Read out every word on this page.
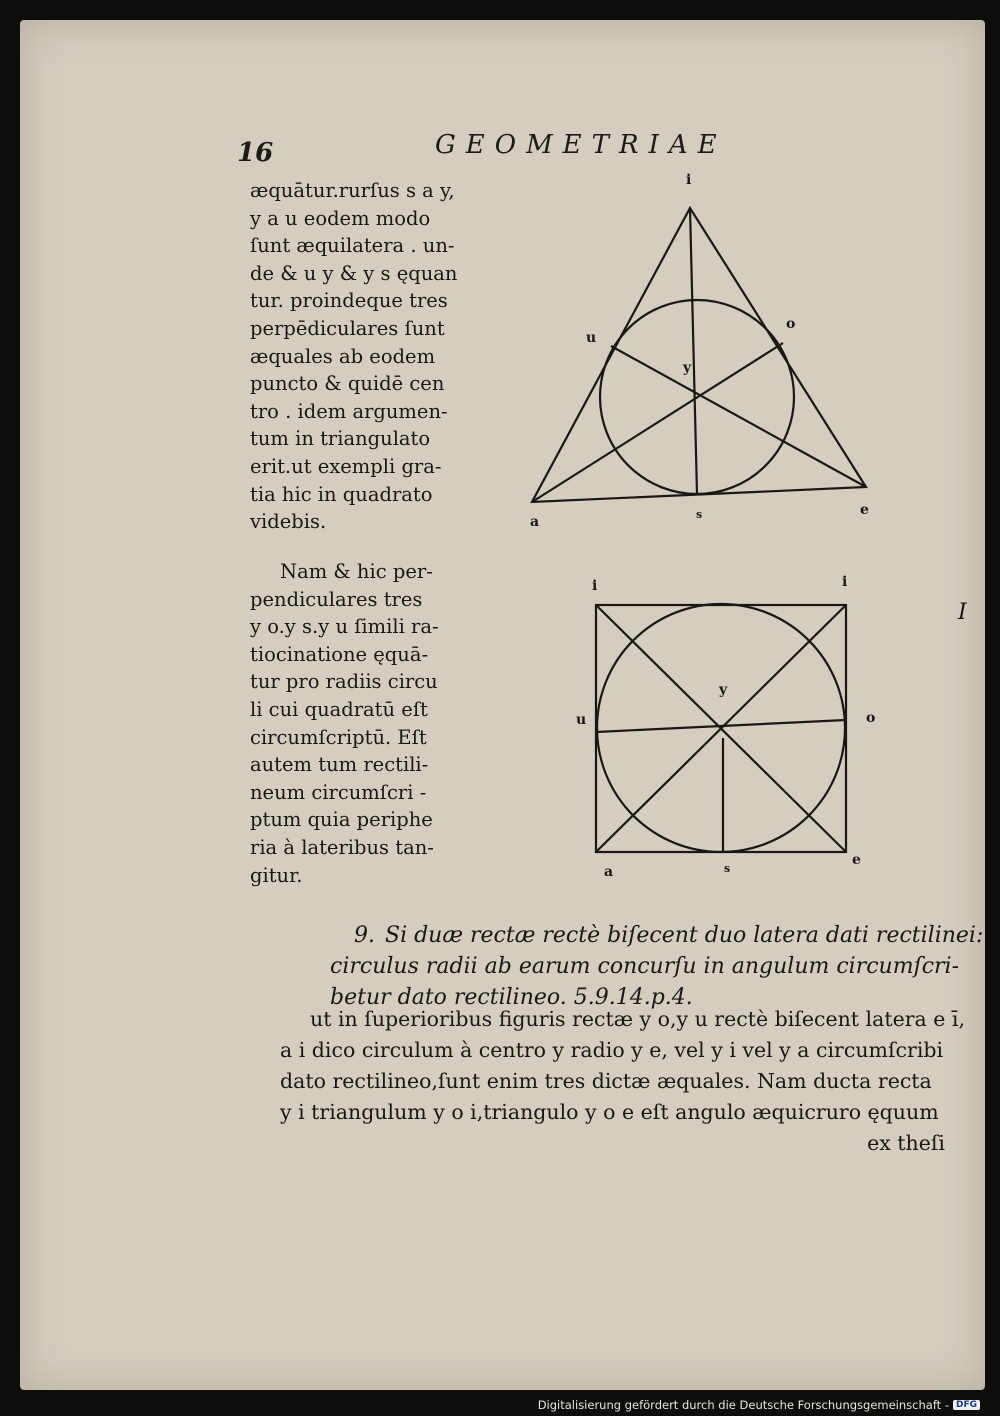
16	GEOMETRIAE
æquātur.rurſus s a y,
y a u eodem modo
ſunt æquilatera . un-
de & u y & y s ęquan
tur. proindeque tres
perpēdiculares ſunt
æquales ab eodem
puncto & quidē cen
tro . idem argumen-
tum in triangulato
erit.ut exempli gra-
tia hic in quadrato
videbis.
Nam & hic per-
pendiculares tres
y o.y s.y u ſimili ra-
tiocinatione ęquā-
tur pro radiis circu
li cui quadratū eſt
circumſcriptū. Eſt
autem tum rectili-
neum circumſcri -
ptum quia periphe
ria à lateribus tan-
gitur.
i
u
o
y
a	s	e
i	i
u	o
y
a	s
e
9. Si duæ rectæ rectè biſecent duo latera dati rectilinei:
circulus radii ab earum concurſu in angulum circumſcri-
betur dato rectilineo. 5.9.14.p.4.
ut in ſuperioribus figuris rectæ y o,y u rectè biſecent latera e ī,
a i dico circulum à centro y radio y e, vel y i vel y a circumſcribi
dato rectilineo,ſunt enim tres dictæ æquales. Nam ducta recta
y i triangulum y o i,triangulo y o e eſt angulo æquicruro ęquum
ex theſi
I
Digitalisierung gefördert durch die Deutsche Forschungsgemeinschaft - DFG
